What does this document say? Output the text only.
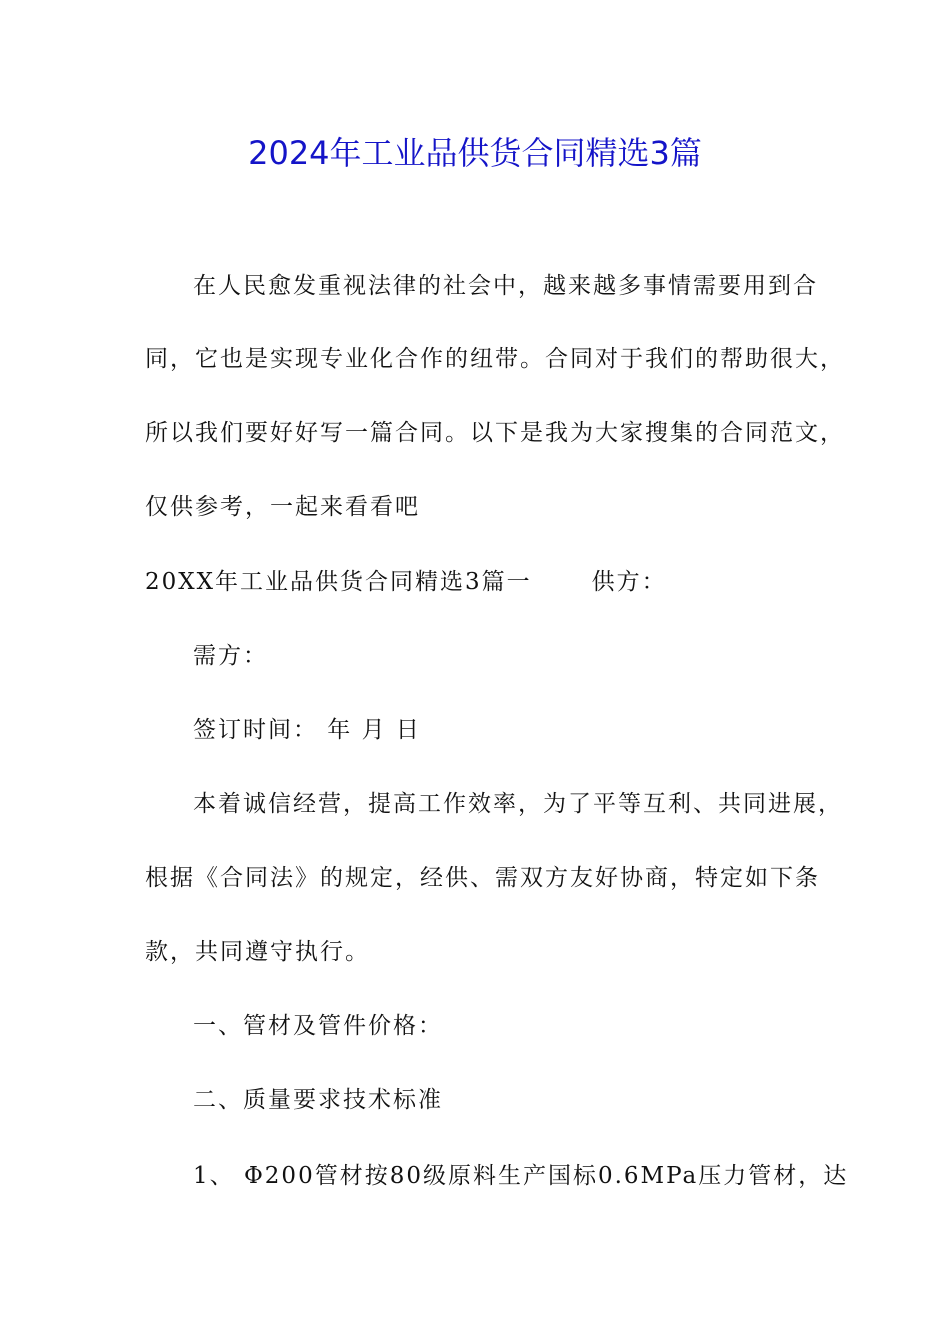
2024年工业品供货合同精选3篇
在人民愈发重视法律的社会中，越来越多事情需要用到合
同，它也是实现专业化合作的纽带。合同对于我们的帮助很大，
所以我们要好好写一篇合同。以下是我为大家搜集的合同范文，
仅供参考，一起来看看吧
20XX年工业品供货合同精选3篇一	供方：
需方：
签订时间： 年 月 日
本着诚信经营，提高工作效率，为了平等互利、共同进展，
根据《合同法》的规定，经供、需双方友好协商，特定如下条
款，共同遵守执行。
一、管材及管件价格：
二、质量要求技术标准
1、 Φ200管材按80级原料生产国标0.6MPa压力管材，达
